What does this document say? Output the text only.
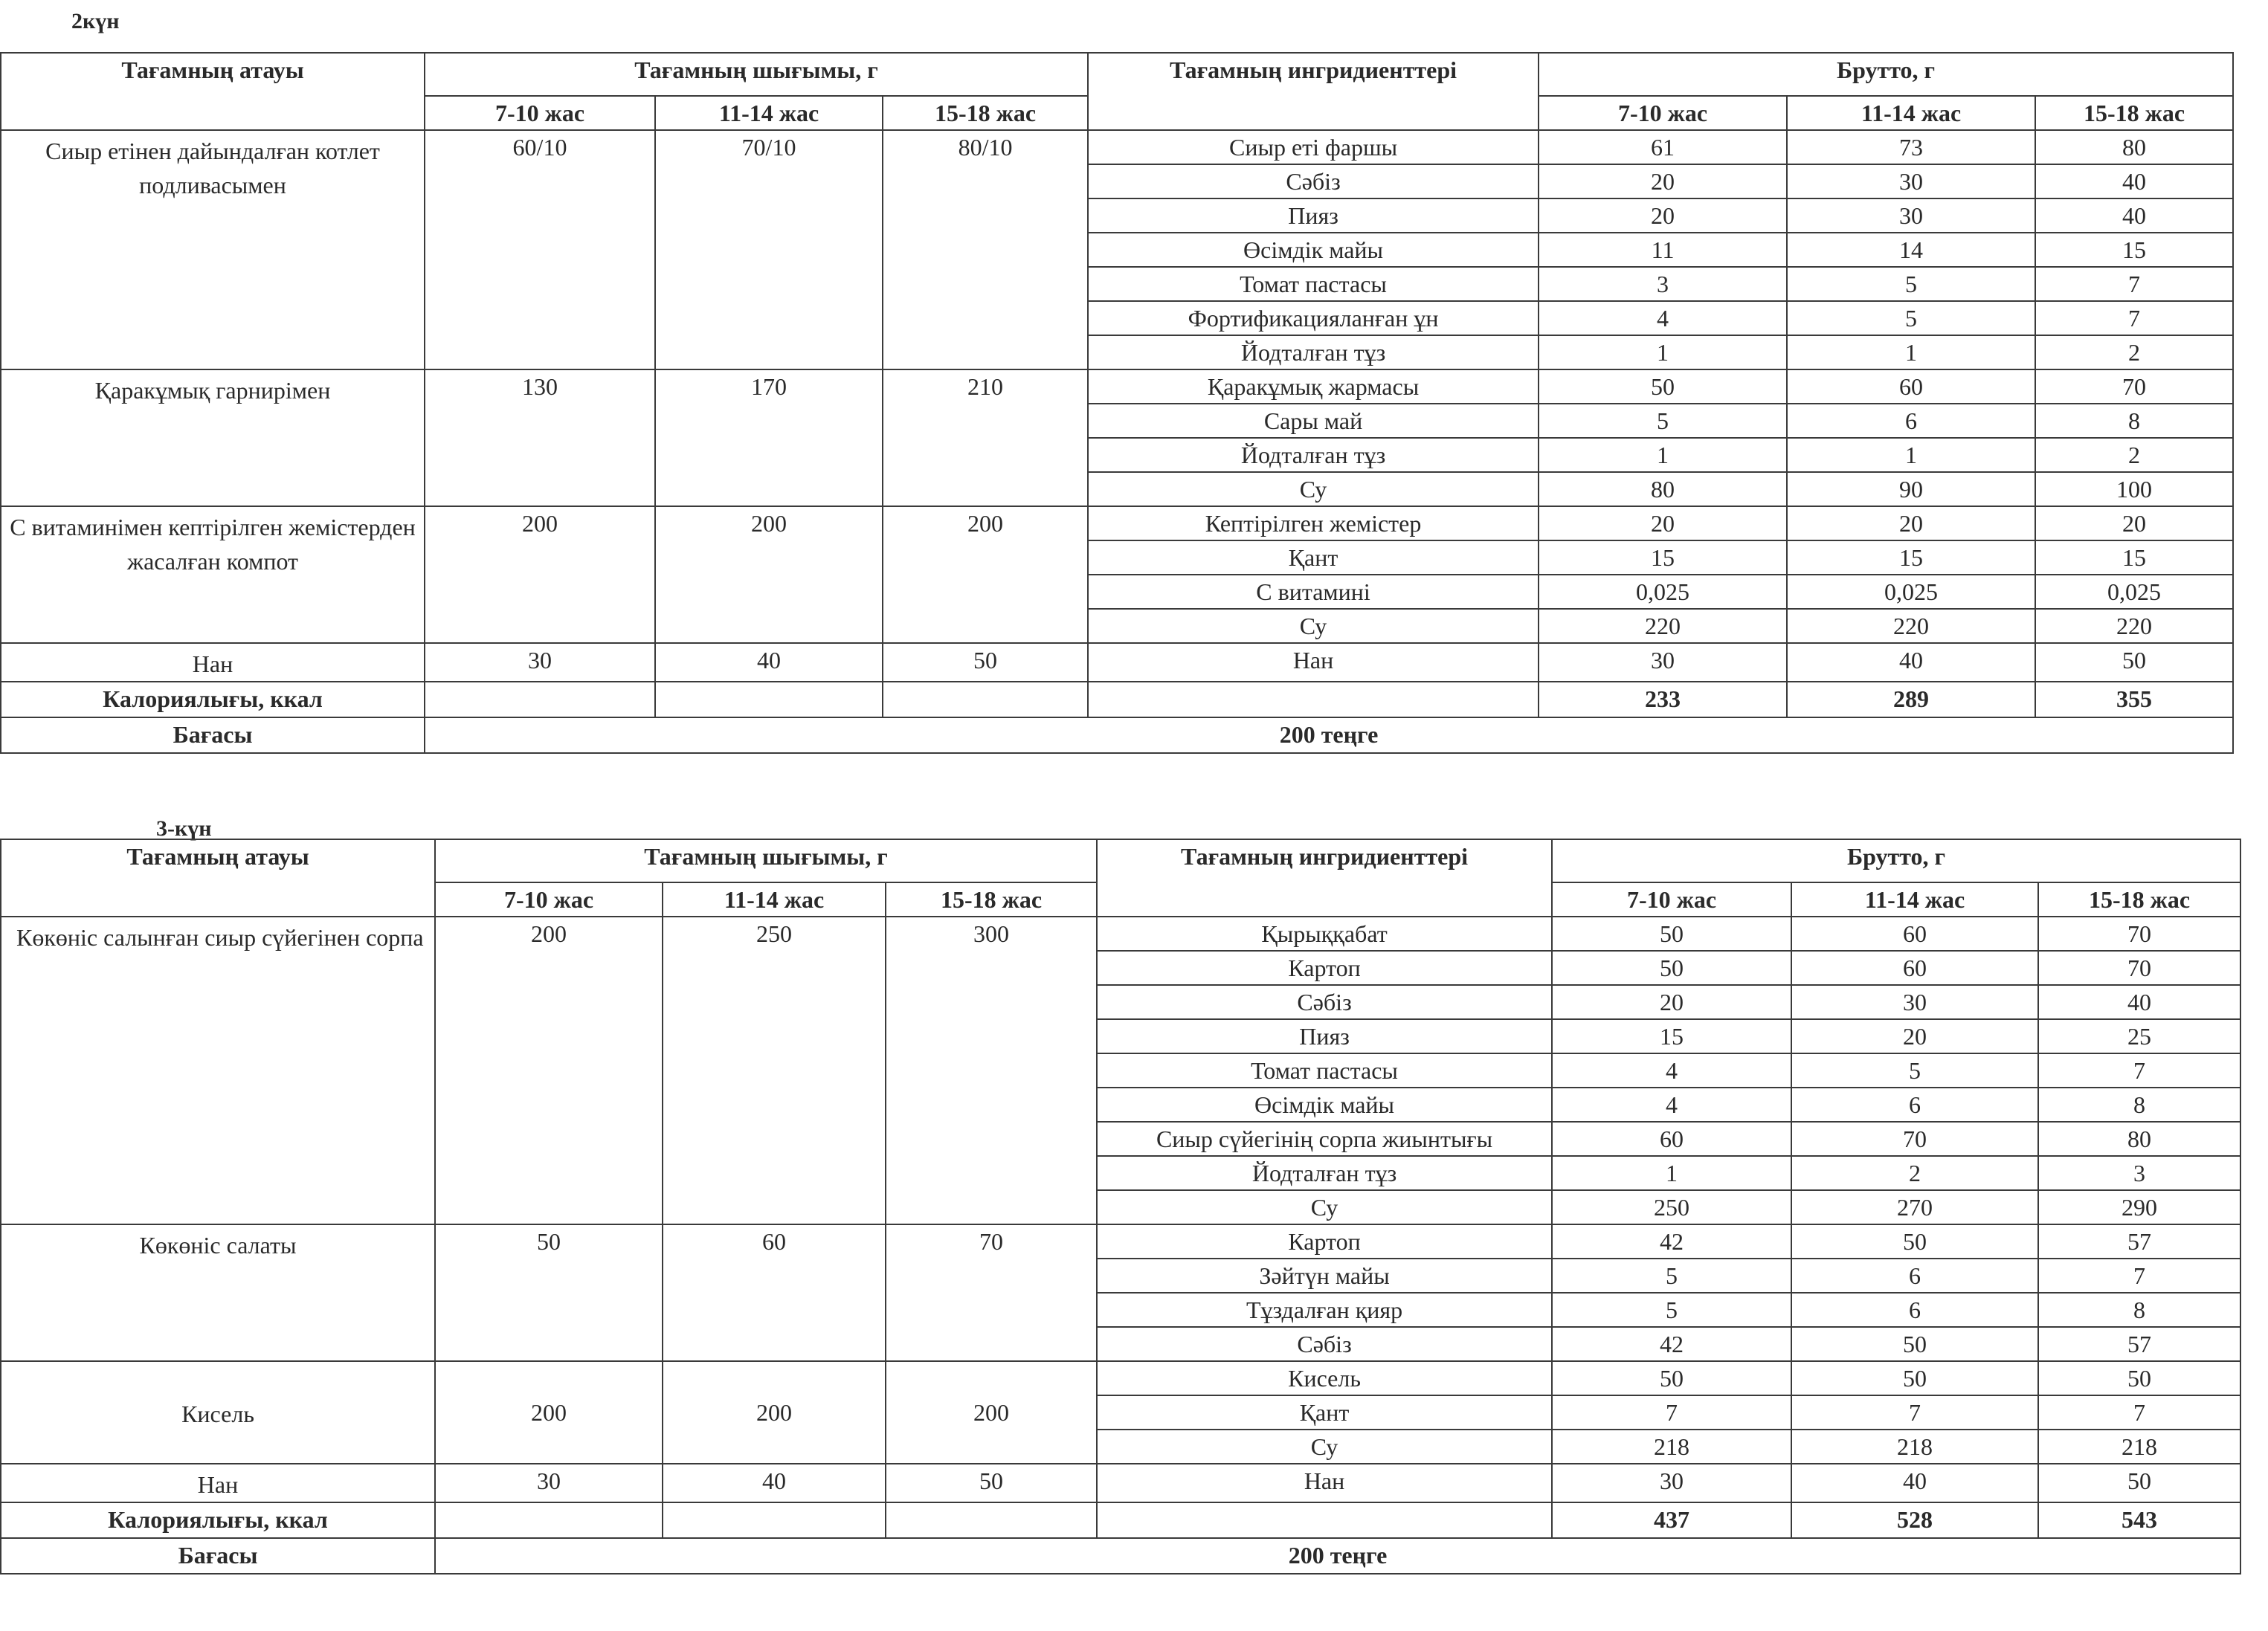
2күн
Тағамның атауы	Тағамның шығымы, г			Тағамның ингридиенттері	Брутто, г		
	7-10 жас	11-14 жас	15-18 жас		7-10 жас	11-14 жас	15-18 жас
Сиыр етінен дайындалған котлет подливасымен	60/10	70/10	80/10	Сиыр еті фаршы	61	73	80
				Сәбіз	20	30	40
				Пияз	20	30	40
				Өсімдік майы	11	14	15
				Томат пастасы	3	5	7
				Фортификацияланған ұн	4	5	7
				Йодталған тұз	1	1	2
Қаракұмық гарнирімен	130	170	210	Қаракұмық жармасы	50	60	70
				Сары май	5	6	8
				Йодталған тұз	1	1	2
				Су	80	90	100
С витаминімен кептірілген жемістерден жасалған компот	200	200	200	Кептірілген жемістер	20	20	20
				Қант	15	15	15
				С витамині	0,025	0,025	0,025
				Су	220	220	220
Нан	30	40	50	Нан	30	40	50
Калориялығы, ккал					233	289	355
Бағасы	200 теңге						
3-күн
Тағамның атауы	Тағамның шығымы, г			Тағамның ингридиенттері	Брутто, г		
	7-10 жас	11-14 жас	15-18 жас		7-10 жас	11-14 жас	15-18 жас
Көкөніс салынған сиыр сүйегінен сорпа	200	250	300	Қырыққабат	50	60	70
				Картоп	50	60	70
				Сәбіз	20	30	40
				Пияз	15	20	25
				Томат пастасы	4	5	7
				Өсімдік майы	4	6	8
				Сиыр сүйегінің сорпа жиынтығы	60	70	80
				Йодталған тұз	1	2	3
				Су	250	270	290
Көкөніс салаты	50	60	70	Картоп	42	50	57
				Зәйтүн майы	5	6	7
				Тұздалған қияр	5	6	8
				Сәбіз	42	50	57
Кисель	200	200	200	Кисель	50	50	50
				Қант	7	7	7
				Су	218	218	218
Нан	30	40	50	Нан	30	40	50
Калориялығы, ккал					437	528	543
Бағасы	200 теңге						
